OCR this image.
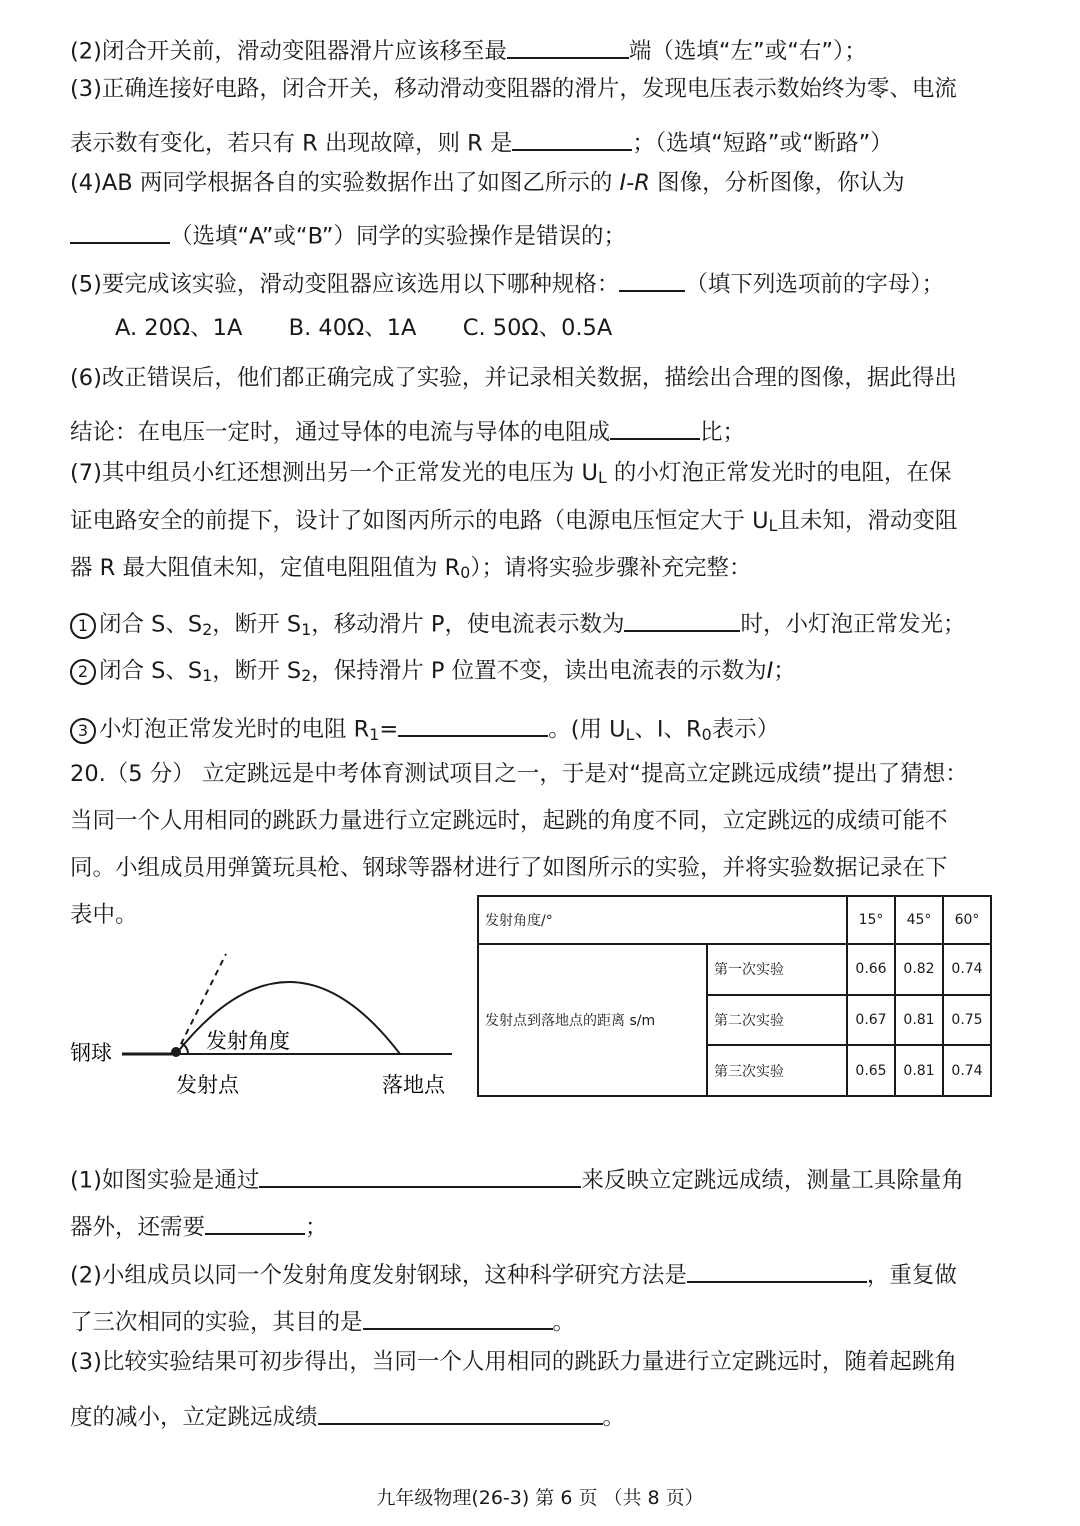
(2)闭合开关前，滑动变阻器滑片应该移至最	端（选填“左”或“右”）；
(3)正确连接好电路，闭合开关，移动滑动变阻器的滑片，发现电压表示数始终为零、电流
表示数有变化，若只有 R 出现故障，则 R 是	；（选填“短路”或“断路”）
(4)AB 两同学根据各自的实验数据作出了如图乙所示的 I-R 图像，分析图像，你认为
（选填“A”或“B”）同学的实验操作是错误的；
(5)要完成该实验，滑动变阻器应该选用以下哪种规格：	（填下列选项前的字母）；
A. 20Ω、1A B. 40Ω、1A C. 50Ω、0.5A
(6)改正错误后，他们都正确完成了实验，并记录相关数据，描绘出合理的图像，据此得出
结论：在电压一定时，通过导体的电流与导体的电阻成	比；
(7)其中组员小红还想测出另一个正常发光的电压为 UL 的小灯泡正常发光时的电阻，在保
证电路安全的前提下，设计了如图丙所示的电路（电源电压恒定大于 UL且未知，滑动变阻
器 R 最大阻值未知，定值电阻阻值为 R0）；请将实验步骤补充完整：
1 闭合 S、S2，断开 S1，移动滑片 P，使电流表示数为	时，小灯泡正常发光；
2 闭合 S、S1，断开 S2，保持滑片 P 位置不变，读出电流表的示数为I；
3 小灯泡正常发光时的电阻 R1=	。(用 UL、I、R0表示）
20.（5 分） 立定跳远是中考体育测试项目之一，于是对“提高立定跳远成绩”提出了猜想：
当同一个人用相同的跳跃力量进行立定跳远时，起跳的角度不同，立定跳远的成绩可能不
同。小组成员用弹簧玩具枪、钢球等器材进行了如图所示的实验，并将实验数据记录在下
表中。
钢球	发射角度
发射点	落地点
发射角度/°		15°	45°	60°
发射点到落地点的距离 s/m	第一次实验	0.66	0.82	0.74
	第二次实验	0.67	0.81	0.75
	第三次实验	0.65	0.81	0.74
(1)如图实验是通过	来反映立定跳远成绩，测量工具除量角
器外，还需要	；
(2)小组成员以同一个发射角度发射钢球，这种科学研究方法是	，重复做
了三次相同的实验，其目的是	。
(3)比较实验结果可初步得出，当同一个人用相同的跳跃力量进行立定跳远时，随着起跳角
度的减小，立定跳远成绩	。
九年级物理(26-3) 第 6 页 （共 8 页）
